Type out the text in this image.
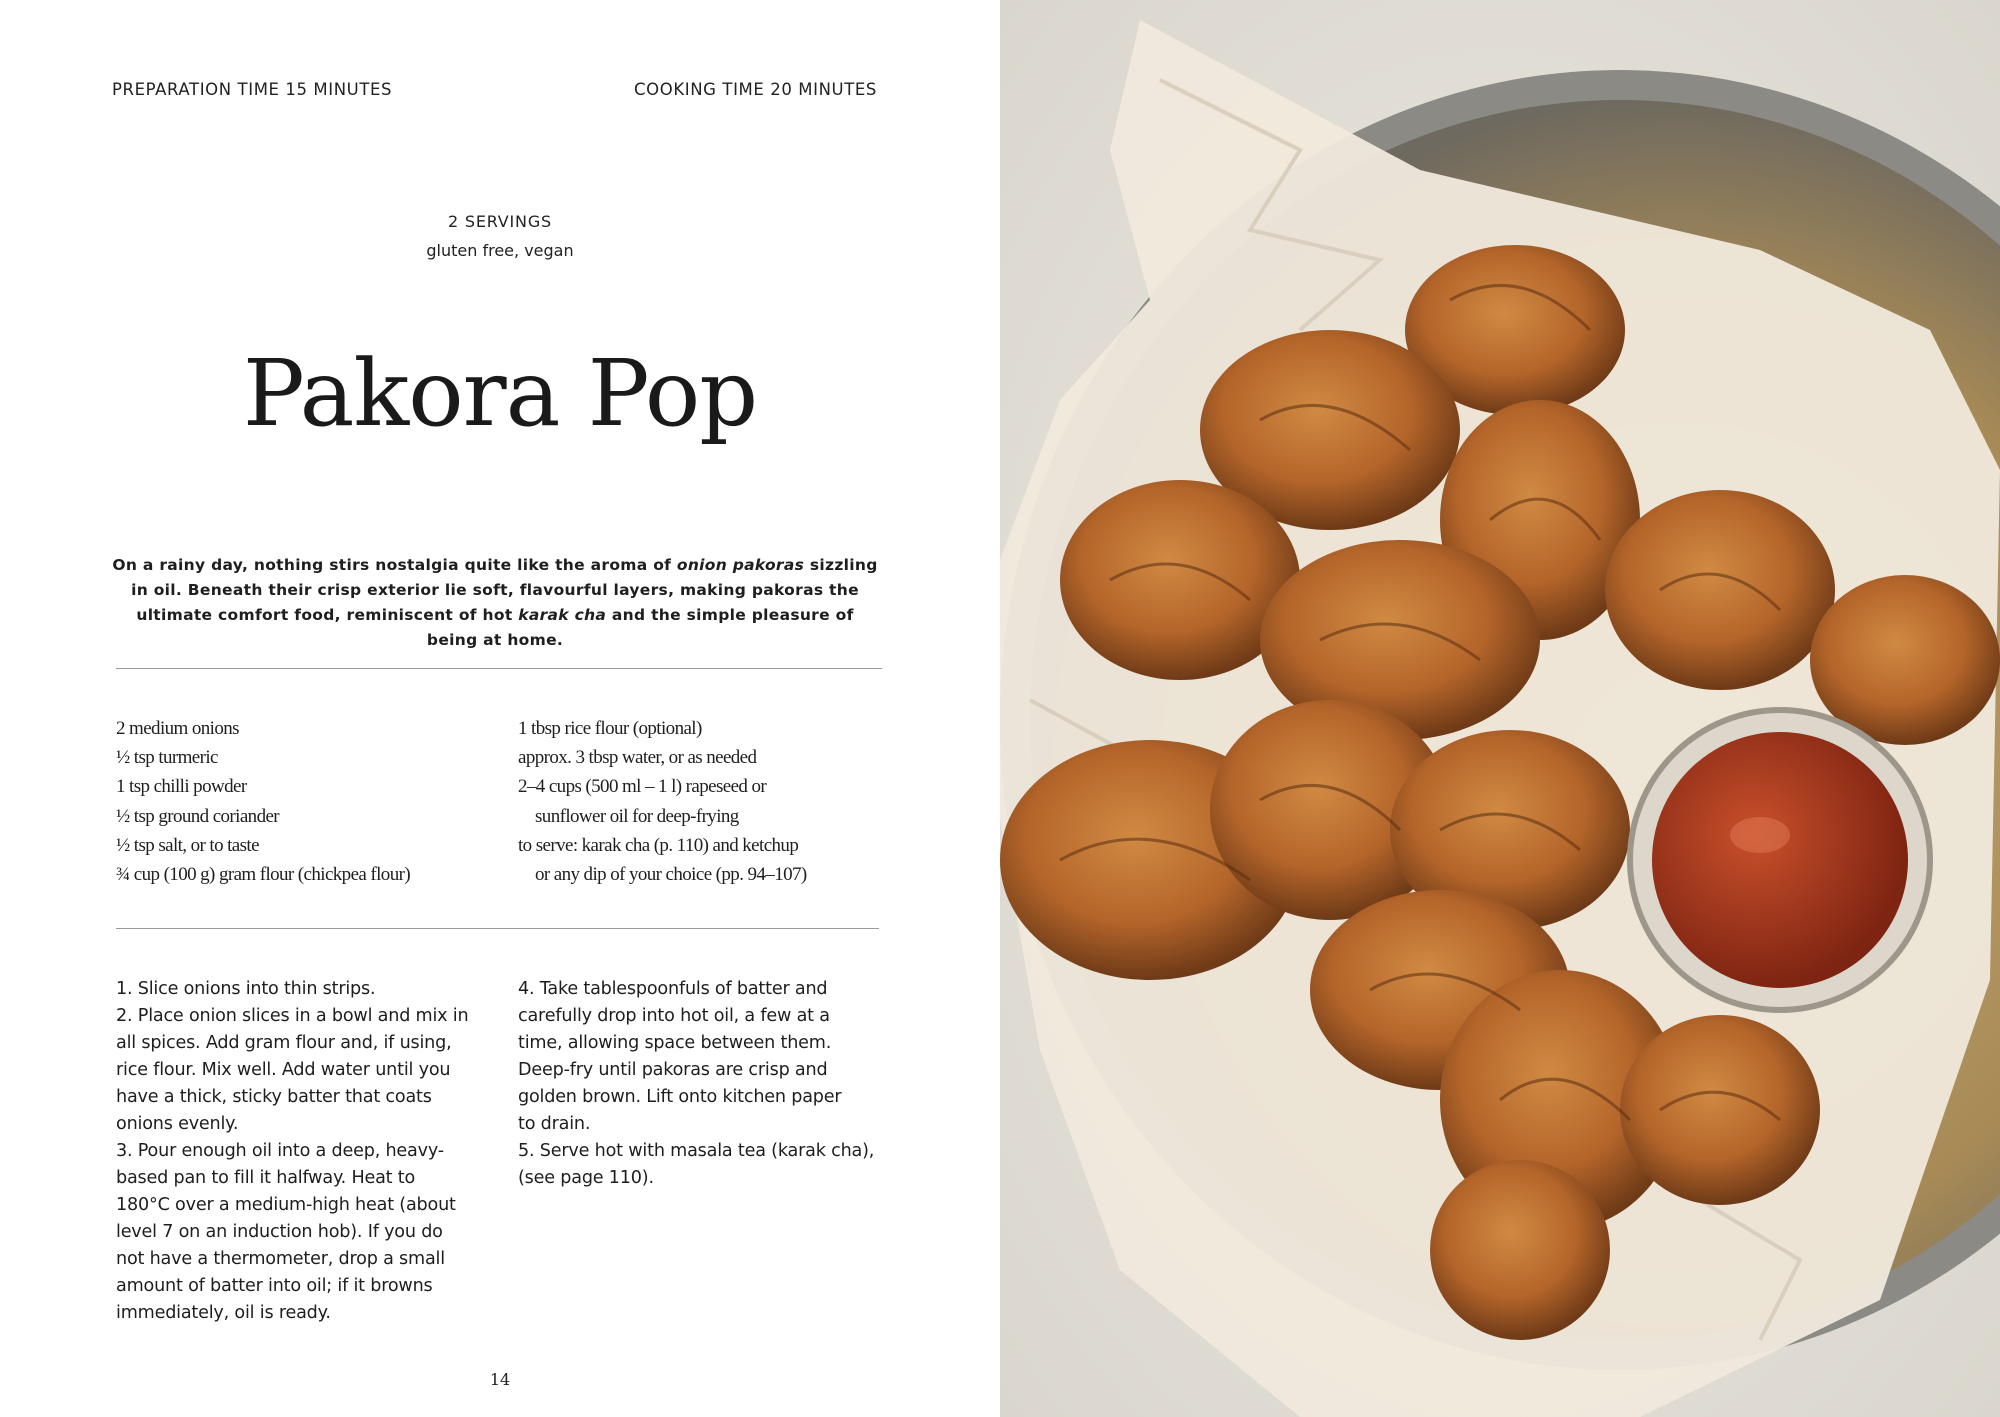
PREPARATION TIME 15 MINUTES	COOKING TIME 20 MINUTES
2 SERVINGS
gluten free, vegan
Pakora Pop
On a rainy day, nothing stirs nostalgia quite like the aroma of onion pakoras sizzling in oil. Beneath their crisp exterior lie soft, flavourful layers, making pakoras the ultimate comfort food, reminiscent of hot karak cha and the simple pleasure of being at home.
2 medium onions
½ tsp turmeric
1 tsp chilli powder
½ tsp ground coriander
½ tsp salt, or to taste
¾ cup (100 g) gram flour (chickpea flour)
1 tbsp rice flour (optional)
approx. 3 tbsp water, or as needed
2–4 cups (500 ml – 1 l) rapeseed or
sunflower oil for deep-frying
to serve: karak cha (p. 110) and ketchup
or any dip of your choice (pp. 94–107)
1. Slice onions into thin strips.
2. Place onion slices in a bowl and mix in
all spices. Add gram flour and, if using,
rice flour. Mix well. Add water until you
have a thick, sticky batter that coats
onions evenly.
3. Pour enough oil into a deep, heavy-
based pan to fill it halfway. Heat to
180°C over a medium-high heat (about
level 7 on an induction hob). If you do
not have a thermometer, drop a small
amount of batter into oil; if it browns
immediately, oil is ready.
4. Take tablespoonfuls of batter and
carefully drop into hot oil, a few at a
time, allowing space between them.
Deep-fry until pakoras are crisp and
golden brown. Lift onto kitchen paper
to drain.
5. Serve hot with masala tea (karak cha),
(see page 110).
14
